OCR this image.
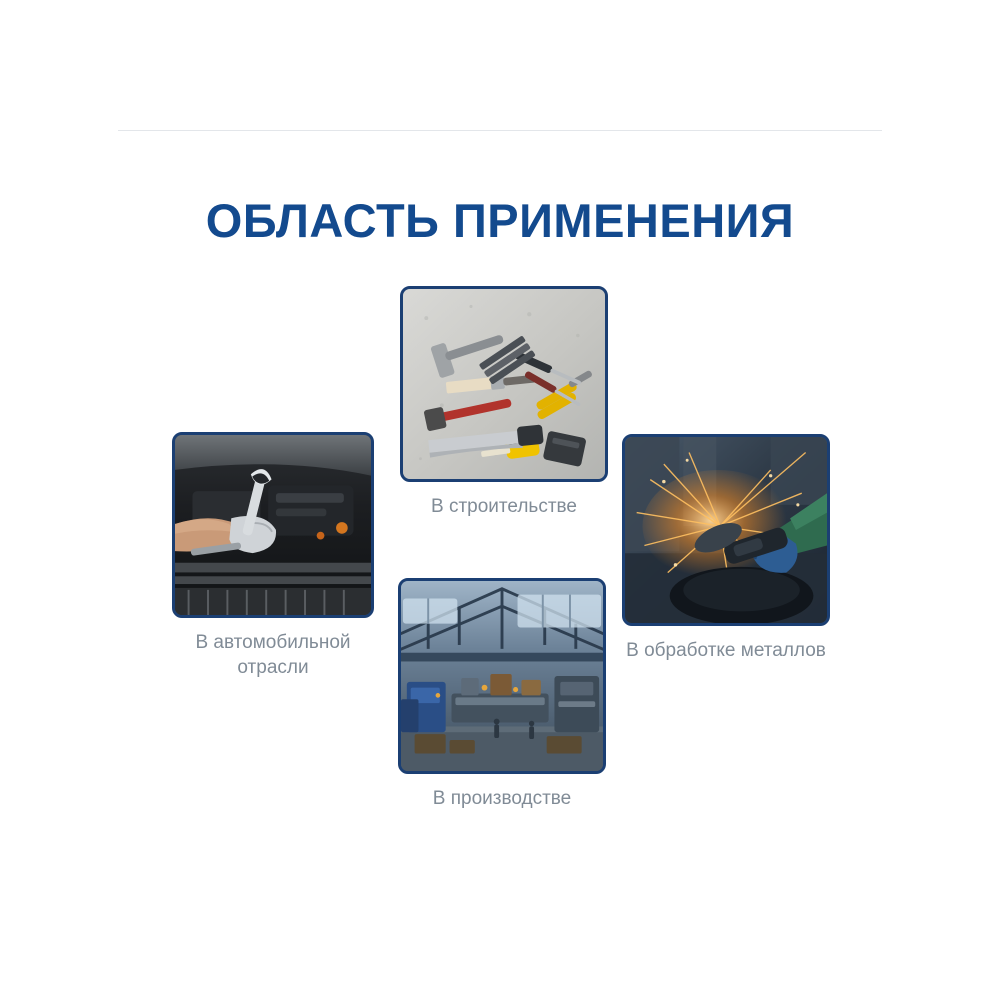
ОБЛАСТЬ ПРИМЕНЕНИЯ
В строительстве
В автомобильной отрасли
В обработке металлов
В производстве
